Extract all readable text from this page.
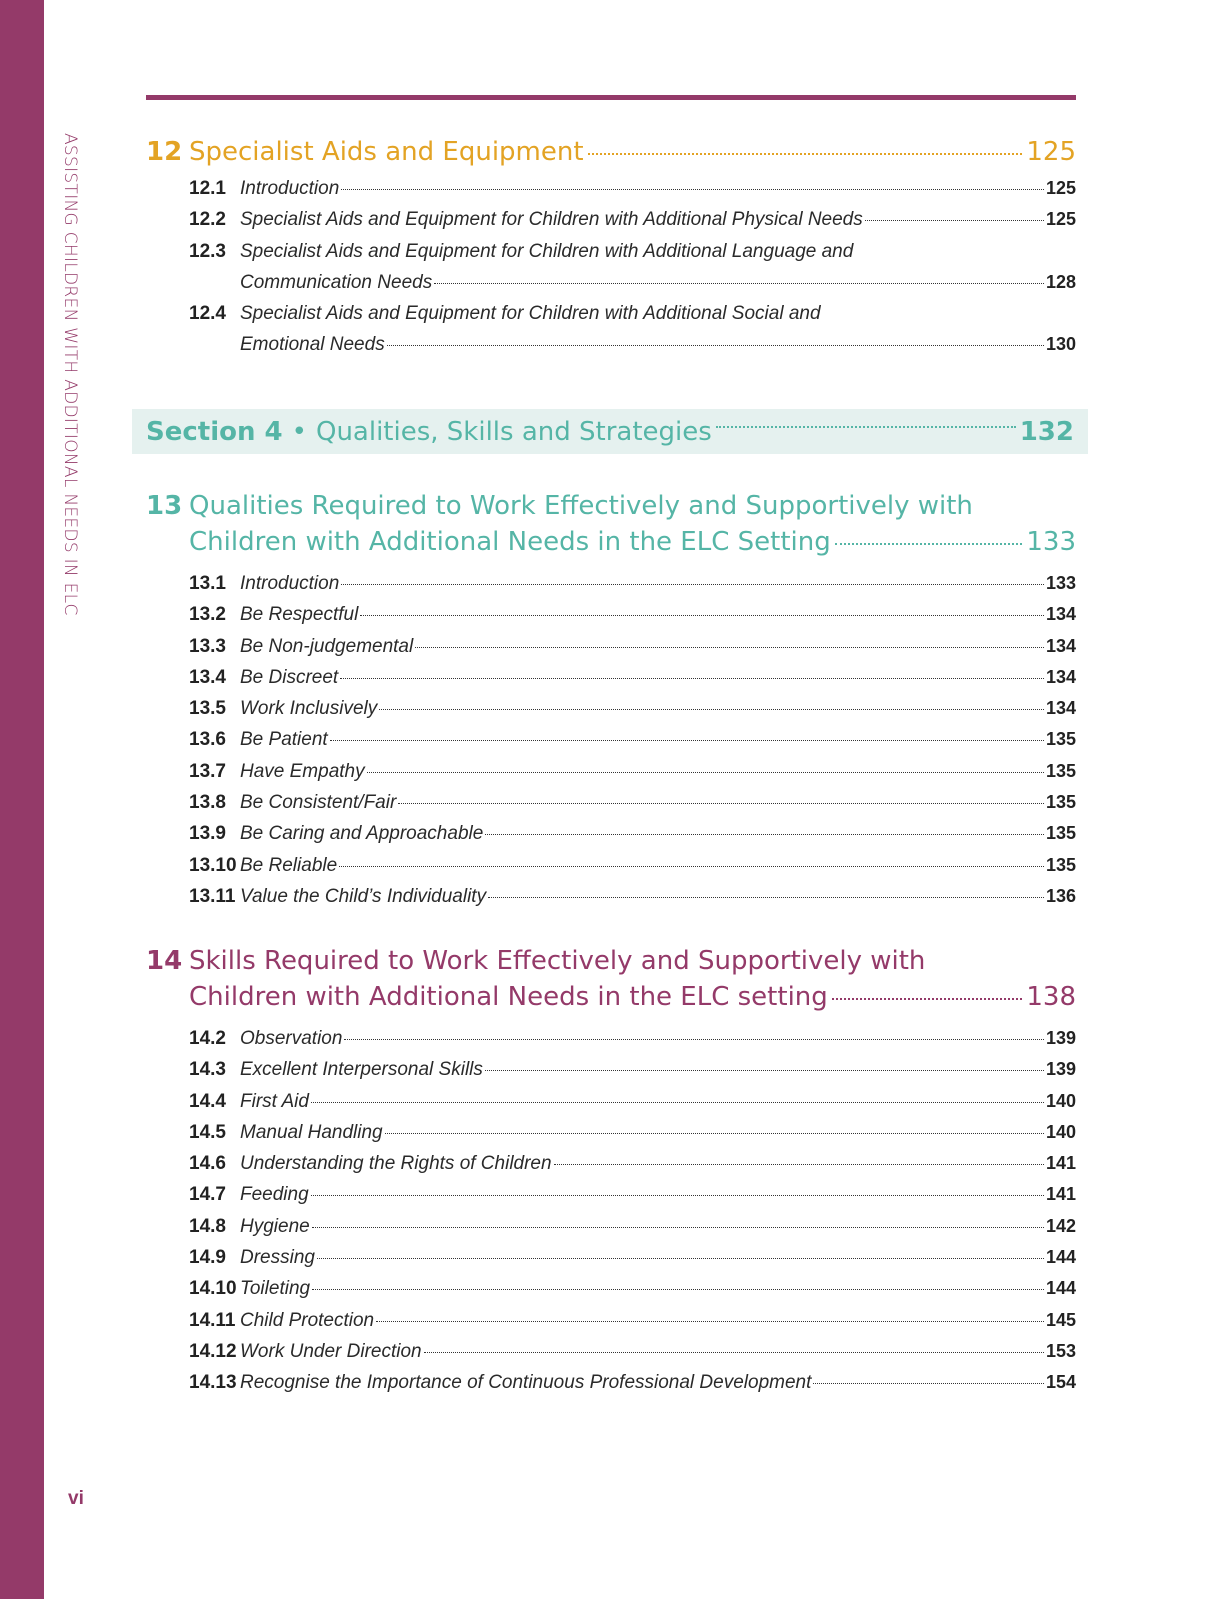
ASSISTING CHILDREN WITH ADDITIONAL NEEDS IN ELC	12 Specialist Aids and Equipment	125
12.1 Introduction	125
12.2 Specialist Aids and Equipment for Children with Additional Physical Needs	125
12.3 Specialist Aids and Equipment for Children with Additional Language and
Communication Needs	128
12.4 Specialist Aids and Equipment for Children with Additional Social and
Emotional Needs	130
Section 4 • Qualities, Skills and Strategies	132
13 Qualities Required to Work Effectively and Supportively with
Children with Additional Needs in the ELC Setting	133
13.1 Introduction	133
13.2 Be Respectful	134
13.3 Be Non-judgemental	134
13.4 Be Discreet	134
13.5 Work Inclusively	134
13.6 Be Patient	135
13.7 Have Empathy	135
13.8 Be Consistent/Fair	135
13.9 Be Caring and Approachable	135
13.10 Be Reliable	135
13.11 Value the Child’s Individuality	136
14 Skills Required to Work Effectively and Supportively with
Children with Additional Needs in the ELC setting	138
14.2 Observation	139
14.3 Excellent Interpersonal Skills	139
14.4 First Aid	140
14.5 Manual Handling	140
14.6 Understanding the Rights of Children	141
14.7 Feeding	141
14.8 Hygiene	142
14.9 Dressing	144
14.10 Toileting	144
14.11 Child Protection	145
14.12 Work Under Direction	153
14.13 Recognise the Importance of Continuous Professional Development	154
vi
